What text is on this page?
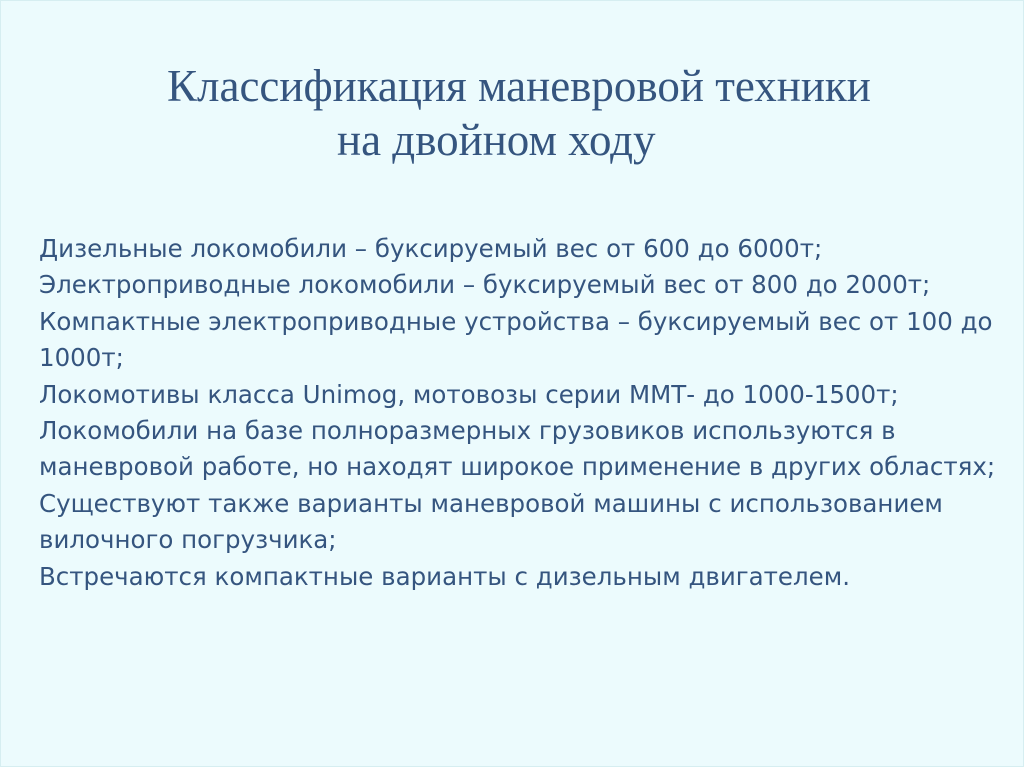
Классификация маневровой техники
на двойном ходу
Дизельные локомобили – буксируемый вес от 600 до 6000т;
Электроприводные локомобили – буксируемый вес от 800 до 2000т;
Компактные электроприводные устройства – буксируемый вес от 100 до 1000т;
Локомотивы класса Unimog, мотовозы серии ММТ- до 1000-1500т;
Локомобили на базе полноразмерных грузовиков используются в маневровой работе, но находят широкое применение в других областях;
Существуют также варианты маневровой машины с использованием вилочного погрузчика;
Встречаются компактные варианты с дизельным двигателем.
